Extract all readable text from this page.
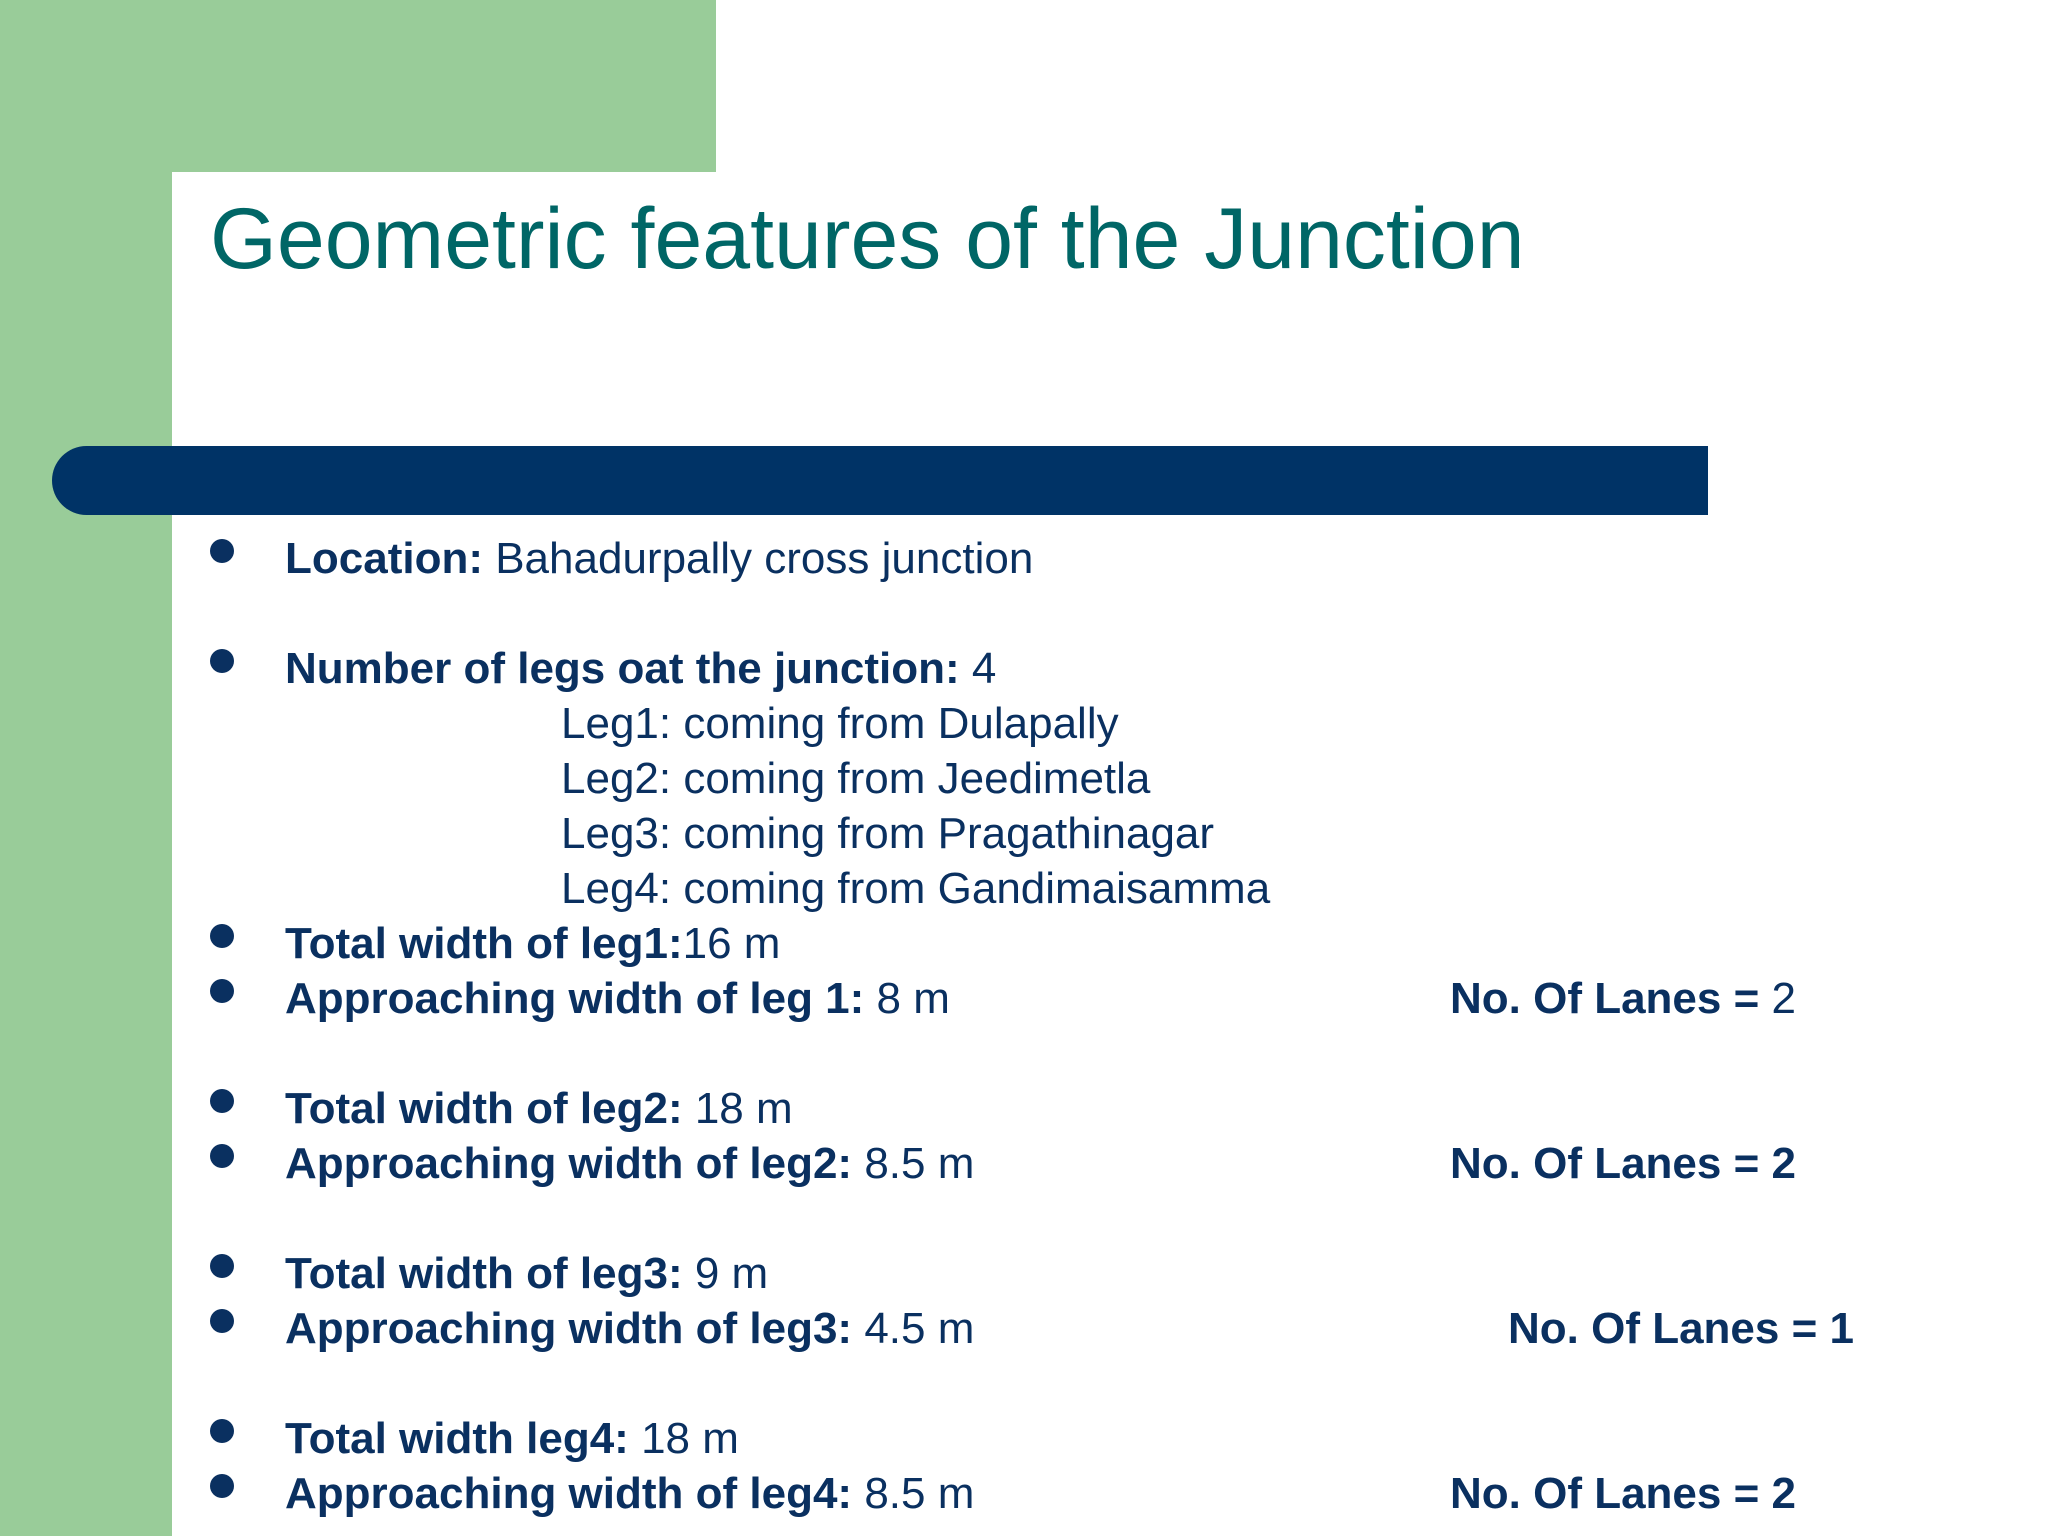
Geometric features of the Junction
Location: Bahadurpally cross junction
Number of legs oat the junction: 4
Leg1: coming from Dulapally
Leg2: coming from Jeedimetla
Leg3: coming from Pragathinagar
Leg4: coming from Gandimaisamma
Total width of leg1:16 m
Approaching width of leg 1: 8 m	No. Of Lanes = 2
Total width of leg2: 18 m
Approaching width of leg2: 8.5 m	No. Of Lanes = 2
Total width of leg3: 9 m
Approaching width of leg3: 4.5 m	No. Of Lanes = 1
Total width leg4: 18 m
Approaching width of leg4: 8.5 m	No. Of Lanes = 2
